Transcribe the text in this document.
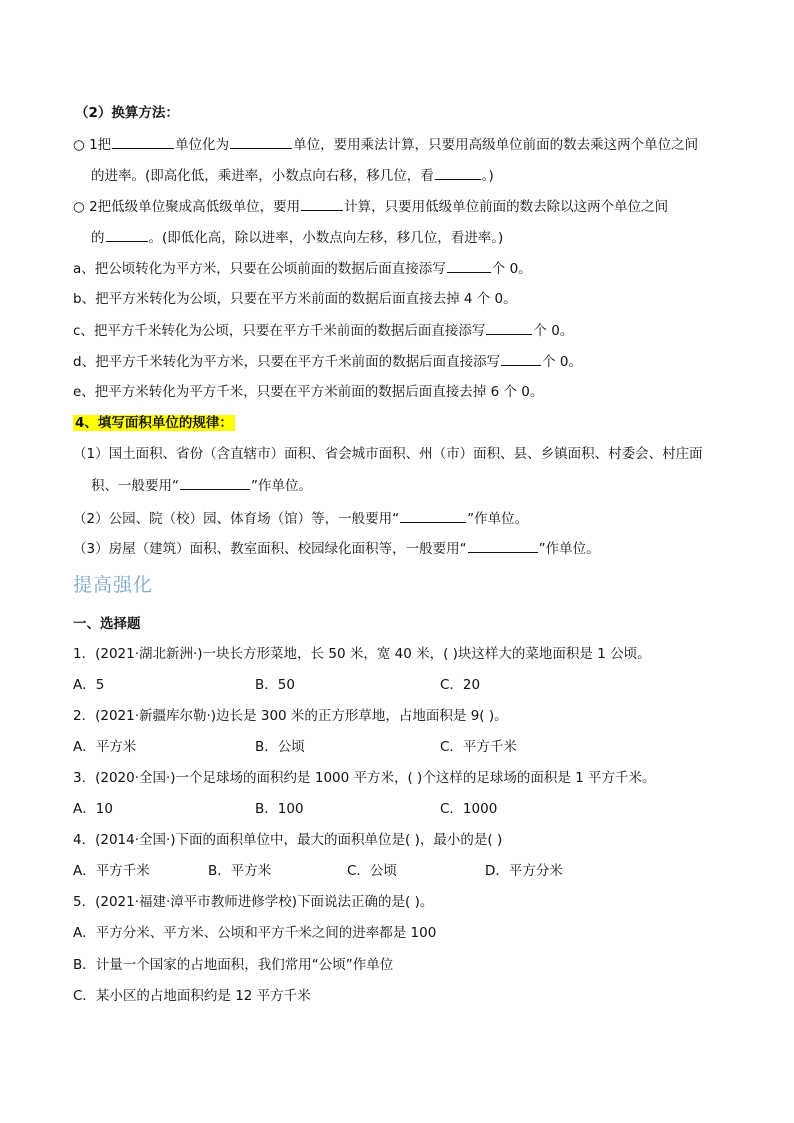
（2）换算方法：
○ 1把	单位化为	单位，要用乘法计算，只要用高级单位前面的数去乘这两个单位之间
的进率。(即高化低，乘进率，小数点向右移，移几位，看	。)
○ 2把低级单位聚成高低级单位，要用	计算，只要用低级单位前面的数去除以这两个单位之间
的	。(即低化高，除以进率，小数点向左移，移几位，看进率。)
a、把公顷转化为平方米，只要在公顷前面的数据后面直接添写	个 0。
b、把平方米转化为公顷，只要在平方米前面的数据后面直接去掉 4 个 0。
c、把平方千米转化为公顷，只要在平方千米前面的数据后面直接添写	个 0。
d、把平方千米转化为平方米，只要在平方千米前面的数据后面直接添写	个 0。
e、把平方米转化为平方千米，只要在平方米前面的数据后面直接去掉 6 个 0。
4、填写面积单位的规律：
（1）国土面积、省份（含直辖市）面积、省会城市面积、州（市）面积、县、乡镇面积、村委会、村庄面
积、一般要用“	”作单位。
（2）公园、院（校）园、体育场（馆）等，一般要用“	”作单位。
（3）房屋（建筑）面积、教室面积、校园绿化面积等，一般要用“	”作单位。
提高强化
一、选择题
1．(2021·湖北新洲·)一块长方形菜地，长 50 米，宽 40 米，( )块这样大的菜地面积是 1 公顷。
A．5	B．50	C．20
2．(2021·新疆库尔勒·)边长是 300 米的正方形草地，占地面积是 9( )。
A．平方米	B．公顷	C．平方千米
3．(2020·全国·)一个足球场的面积约是 1000 平方米，( )个这样的足球场的面积是 1 平方千米。
A．10	B．100	C．1000
4．(2014·全国·)下面的面积单位中，最大的面积单位是( )，最小的是( )
A．平方千米	B．平方米	C．公顷	D．平方分米
5．(2021·福建·漳平市教师进修学校)下面说法正确的是( )。
A．平方分米、平方米、公顷和平方千米之间的进率都是 100
B．计量一个国家的占地面积，我们常用“公顷”作单位
C．某小区的占地面积约是 12 平方千米
